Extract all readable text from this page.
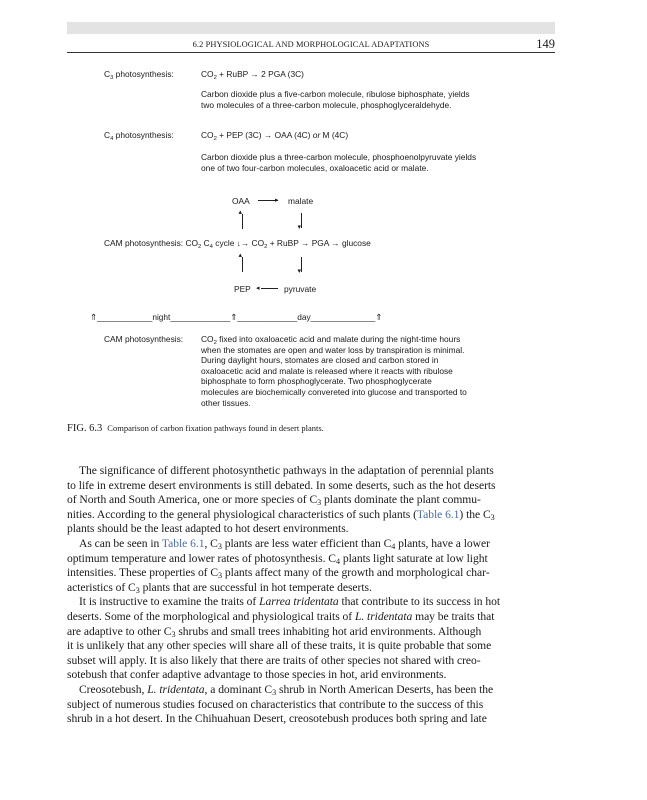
6.2 PHYSIOLOGICAL AND MORPHOLOGICAL ADAPTATIONS	149
$C_3$ photosynthesis:	$CO_2$ + RuBP → 2 PGA (3C)
Carbon dioxide plus a five-carbon molecule, ribulose biphosphate, yields
two molecules of a three-carbon molecule, phosphoglyceraldehyde.
$C_4$ photosynthesis:	$CO_2$ + PEP (3C) → OAA (4C) or M (4C)
Carbon dioxide plus a three-carbon molecule, phosphoenolpyruvate yields
one of two four-carbon molecules, oxaloacetic acid or malate.
OAA	▸ malate
▴
▾
CAM photosynthesis: $CO_2$ $C_4$ cycle ↓→ $CO_2$ + RuBP → PGA → glucose
▴
▾
PEP ◂	pyruvate
⇑____________night_____________⇑_____________day______________⇑
CAM photosynthesis: $CO_2$ fixed into oxaloacetic acid and malate during the night-time hours
when the stomates are open and water loss by transpiration is minimal.
During daylight hours, stomates are closed and carbon stored in
oxaloacetic acid and malate is released where it reacts with ribulose
biphosphate to form phosphoglycerate. Two phosphoglycerate
molecules are biochemically convereted into glucose and transported to
other tissues.
FIG. 6.3 Comparison of carbon fixation pathways found in desert plants.
The significance of different photosynthetic pathways in the adaptation of perennial plants
to life in extreme desert environments is still debated. In some deserts, such as the hot deserts
of North and South America, one or more species of $C_3$ plants dominate the plant commu-
nities. According to the general physiological characteristics of such plants (Table 6.1) the $C_3$
plants should be the least adapted to hot desert environments.
As can be seen in Table 6.1, $C_3$ plants are less water efficient than $C_4$ plants, have a lower
optimum temperature and lower rates of photosynthesis. $C_4$ plants light saturate at low light
intensities. These properties of $C_3$ plants affect many of the growth and morphological char-
acteristics of $C_3$ plants that are successful in hot temperate deserts.
It is instructive to examine the traits of Larrea tridentata that contribute to its success in hot
deserts. Some of the morphological and physiological traits of L. tridentata may be traits that
are adaptive to other $C_3$ shrubs and small trees inhabiting hot arid environments. Although
it is unlikely that any other species will share all of these traits, it is quite probable that some
subset will apply. It is also likely that there are traits of other species not shared with creo-
sotebush that confer adaptive advantage to those species in hot, arid environments.
Creosotebush, L. tridentata, a dominant $C_3$ shrub in North American Deserts, has been the
subject of numerous studies focused on characteristics that contribute to the success of this
shrub in a hot desert. In the Chihuahuan Desert, creosotebush produces both spring and late
